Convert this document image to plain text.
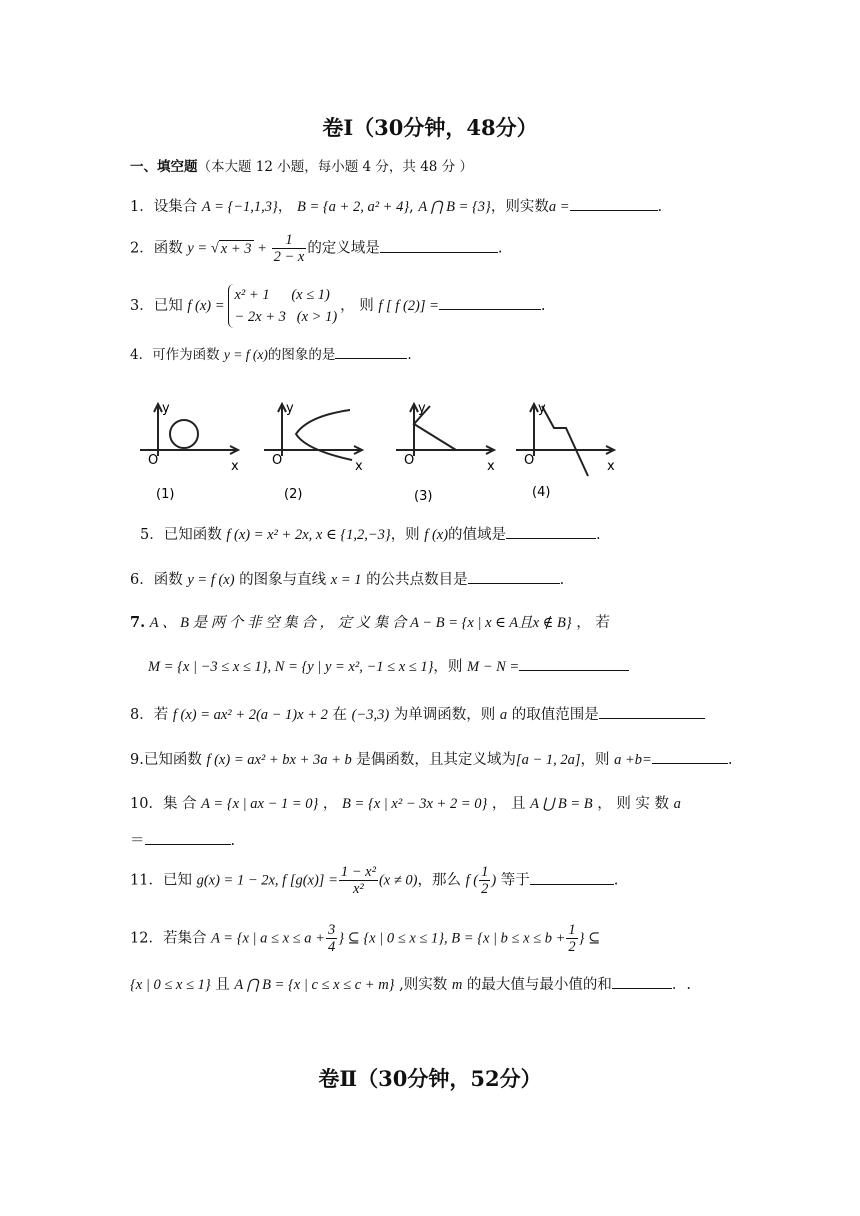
卷Ⅰ（30分钟，48分）
一、填空题（本大题 12 小题，每小题 4 分，共 48 分 ）
1．设集合 A = {−1,1,3}， B = {a + 2, a² + 4}, A ⋂ B = {3}，则实数a =	.
2．函数 y = √ $x + 3 + \frac{1}{2 - x}$ 的定义域是	.
3．已知 f (x) =x² + 1 (x ≤ 1)
− 2x + 3 (x > 1)， 则 f [ f (2)] =	.
4．可作为函数 y = f (x)的图象的是	.
O	x
y
O	x
y
O	x
y
O	x
y
(1)	(2)	(3)	(4)
5．已知函数 f (x) = x² + 2x, x ∈ {1,2,−3}，则 f (x)的值域是	.
6．函数 y = f (x) 的图象与直线 x = 1 的公共点数目是	.
7. A 、 B 是 两 个 非 空 集 合 ， 定 义 集 合 A − B = {x | x ∈ A且x ∉ B} ， 若
M = {x | −3 ≤ x ≤ 1}, N = {y | y = x², −1 ≤ x ≤ 1}，则 M − N =
8．若 f (x) = ax² + 2(a − 1)x + 2 在 (−3,3) 为单调函数，则 a 的取值范围是
9.已知函数 f (x) = ax² + bx + 3a + b 是偶函数，且其定义域为[a − 1, 2a]，则 a +b=	.
10．集 合 A = {x | ax − 1 = 0} ， B = {x | x² − 3x + 2 = 0} ， 且 A ⋃ B = B ， 则 实 数 a
＝	.
11．已知 g(x) = 1 − 2x, f $[g(x)] = \frac{\text{1 − x²}}{\text{x²}} (x \ne 0)$，那么 f ( $\frac{1}{2}$ ) 等于	.
12．若集合 A = {x | $a \le x \le a + \frac{3}{4}$ } ⊆ {x | 0 ≤ x ≤ 1}, B = {x | $b \le x \le b + \frac{1}{2}$ } ⊆
{x | 0 ≤ x ≤ 1} 且 A ⋂ B = {x | c ≤ x ≤ c + m} ,则实数 m 的最大值与最小值的和	．.
卷Ⅱ（30分钟，52分）
